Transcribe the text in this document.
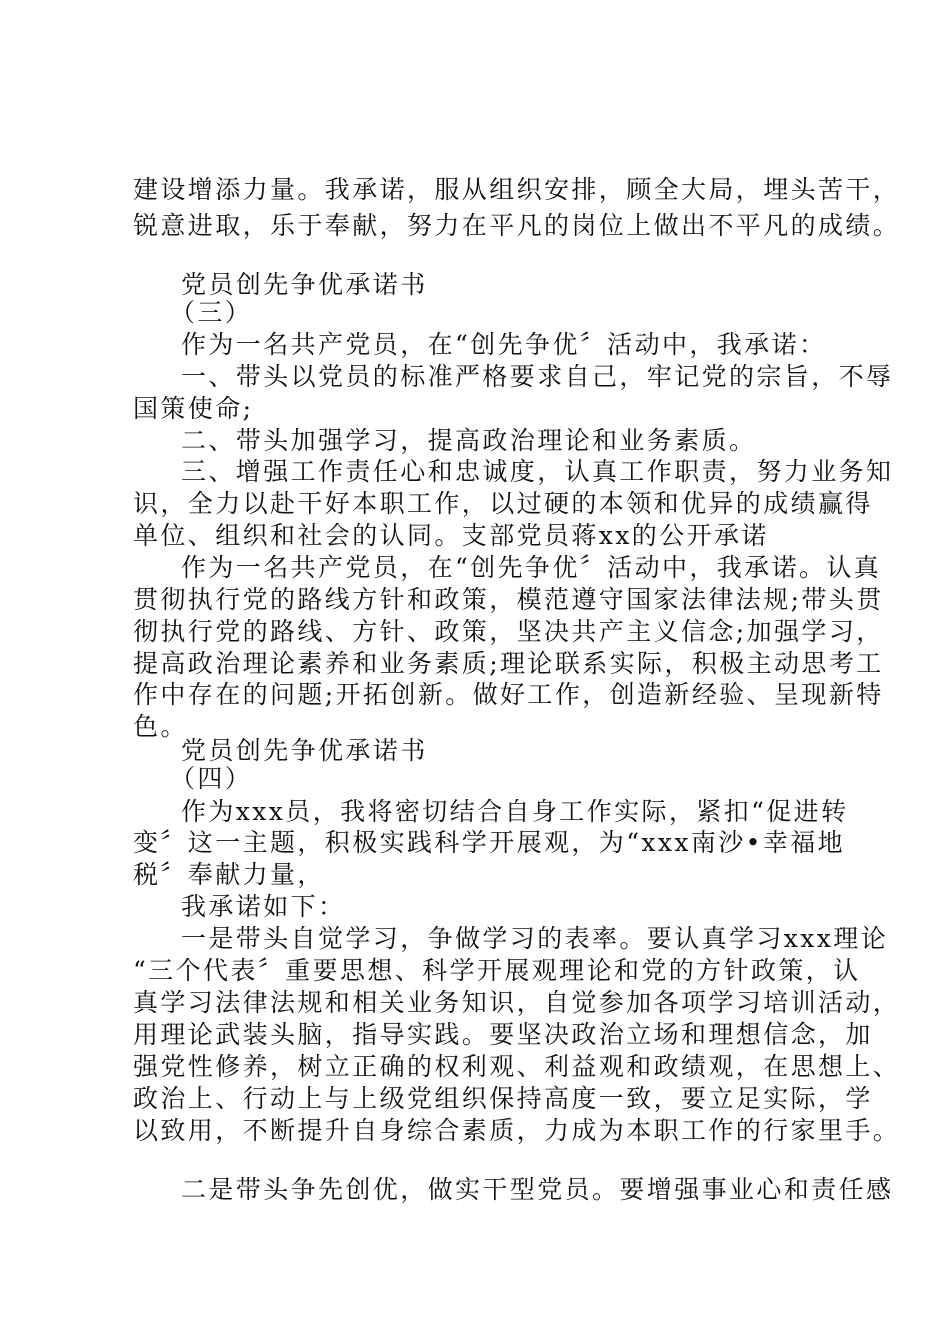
建设增添力量。我承诺，服从组织安排，顾全大局，埋头苦干，
锐意进取，乐于奉献，努力在平凡的岗位上做出不平凡的成绩。
党员创先争优承诺书
（三）
作为一名共产党员，在“创先争优〞活动中，我承诺：
一、带头以党员的标准严格要求自己，牢记党的宗旨，不辱
国策使命;
二、带头加强学习，提高政治理论和业务素质。
三、增强工作责任心和忠诚度，认真工作职责，努力业务知
识，全力以赴干好本职工作，以过硬的本领和优异的成绩赢得
单位、组织和社会的认同。支部党员蒋xx的公开承诺
作为一名共产党员，在“创先争优〞活动中，我承诺。认真
贯彻执行党的路线方针和政策，模范遵守国家法律法规;带头贯
彻执行党的路线、方针、政策，坚决共产主义信念;加强学习，
提高政治理论素养和业务素质;理论联系实际，积极主动思考工
作中存在的问题;开拓创新。做好工作，创造新经验、呈现新特
色。
党员创先争优承诺书
（四）
作为xxx员，我将密切结合自身工作实际，紧扣“促进转
变〞这一主题，积极实践科学开展观，为“xxx南沙•幸福地
税〞奉献力量，
我承诺如下：
一是带头自觉学习，争做学习的表率。要认真学习xxx理论
“三个代表〞重要思想、科学开展观理论和党的方针政策，认
真学习法律法规和相关业务知识，自觉参加各项学习培训活动，
用理论武装头脑，指导实践。要坚决政治立场和理想信念，加
强党性修养，树立正确的权利观、利益观和政绩观，在思想上、
政治上、行动上与上级党组织保持高度一致，要立足实际，学
以致用，不断提升自身综合素质，力成为本职工作的行家里手。
二是带头争先创优，做实干型党员。要增强事业心和责任感
